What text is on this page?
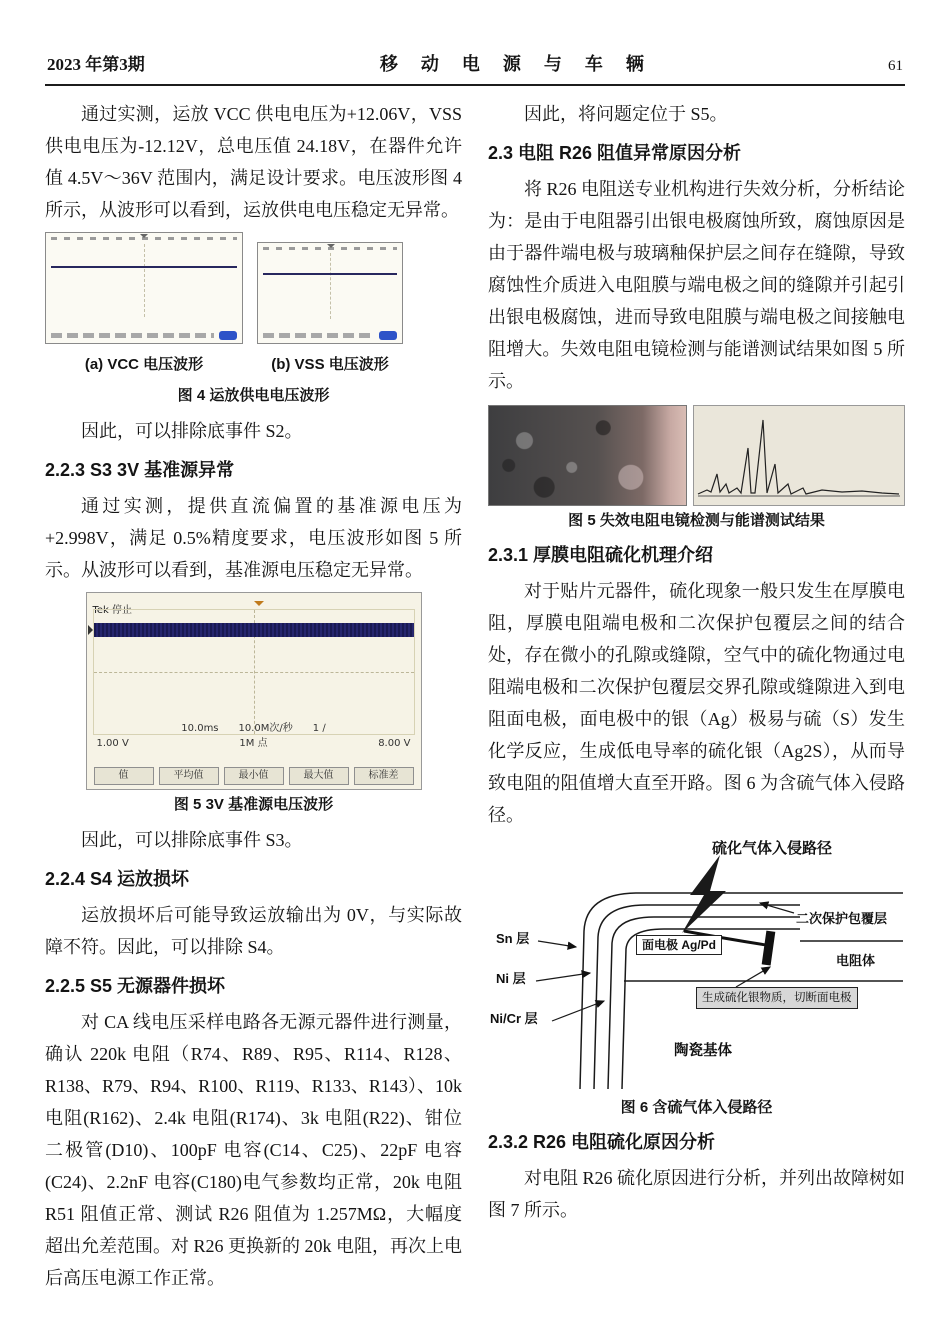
2023 年第3期	移 动 电 源 与 车 辆	61

通过实测，运放 VCC 供电电压为+12.06V，VSS 供电电压为-12.12V，总电压值 24.18V，在器件允许值 4.5V～36V 范围内，满足设计要求。电压波形图 4 所示，从波形可以看到，运放供电电压稳定无异常。

(a) VCC 电压波形	(b) VSS 电压波形
图 4 运放供电电压波形

因此，可以排除底事件 S2。

2.2.3 S3 3V 基准源异常

通过实测，提供直流偏置的基准源电压为+2.998V，满足 0.5%精度要求，电压波形如图 5 所示。从波形可以看到，基准源电压稳定无异常。

Tek 停止
10.0ms 10.0M次/秒 1 ∕
1.00 V	1M 点	8.00 V
值	平均值	最小值	最大值	标准差
图 5 3V 基准源电压波形

因此，可以排除底事件 S3。

2.2.4 S4 运放损坏

运放损坏后可能导致运放输出为 0V，与实际故障不符。因此，可以排除 S4。

2.2.5 S5 无源器件损坏

对 CA 线电压采样电路各无源元器件进行测量，确认 220k 电阻（R74、R89、R95、R114、R128、R138、R79、R94、R100、R119、R133、R143）、10k 电阻(R162)、2.4k 电阻(R174)、3k 电阻(R22)、钳位二极管(D10)、100pF 电容(C14、C25)、22pF 电容(C24)、2.2nF 电容(C180)电气参数均正常，20k 电阻 R51 阻值正常、测试 R26 阻值为 1.257MΩ，大幅度超出允差范围。对 R26 更换新的 20k 电阻，再次上电后高压电源工作正常。

因此，将问题定位于 S5。

2.3 电阻 R26 阻值异常原因分析

将 R26 电阻送专业机构进行失效分析，分析结论为：是由于电阻器引出银电极腐蚀所致，腐蚀原因是由于器件端电极与玻璃釉保护层之间存在缝隙，导致腐蚀性介质进入电阻膜与端电极之间的缝隙并引起引出银电极腐蚀，进而导致电阻膜与端电极之间接触电阻增大。失效电阻电镜检测与能谱测试结果如图 5 所示。

图 5 失效电阻电镜检测与能谱测试结果
2.3.1 厚膜电阻硫化机理介绍

对于贴片元器件，硫化现象一般只发生在厚膜电阻，厚膜电阻端电极和二次保护包覆层之间的结合处，存在微小的孔隙或缝隙，空气中的硫化物通过电阻端电极和二次保护包覆层交界孔隙或缝隙进入到电阻面电极，面电极中的银（Ag）极易与硫（S）发生化学反应，生成低电导率的硫化银（Ag2S），从而导致电阻的阻值增大直至开路。图 6 为含硫气体入侵路径。

硫化气体入侵路径
二次保护包覆层
Sn 层	面电极 Ag/Pd
电阻体
Ni 层
生成硫化银物质，切断面电极
Ni/Cr 层
陶瓷基体
图 6 含硫气体入侵路径
2.3.2 R26 电阻硫化原因分析

对电阻 R26 硫化原因进行分析，并列出故障树如图 7 所示。
